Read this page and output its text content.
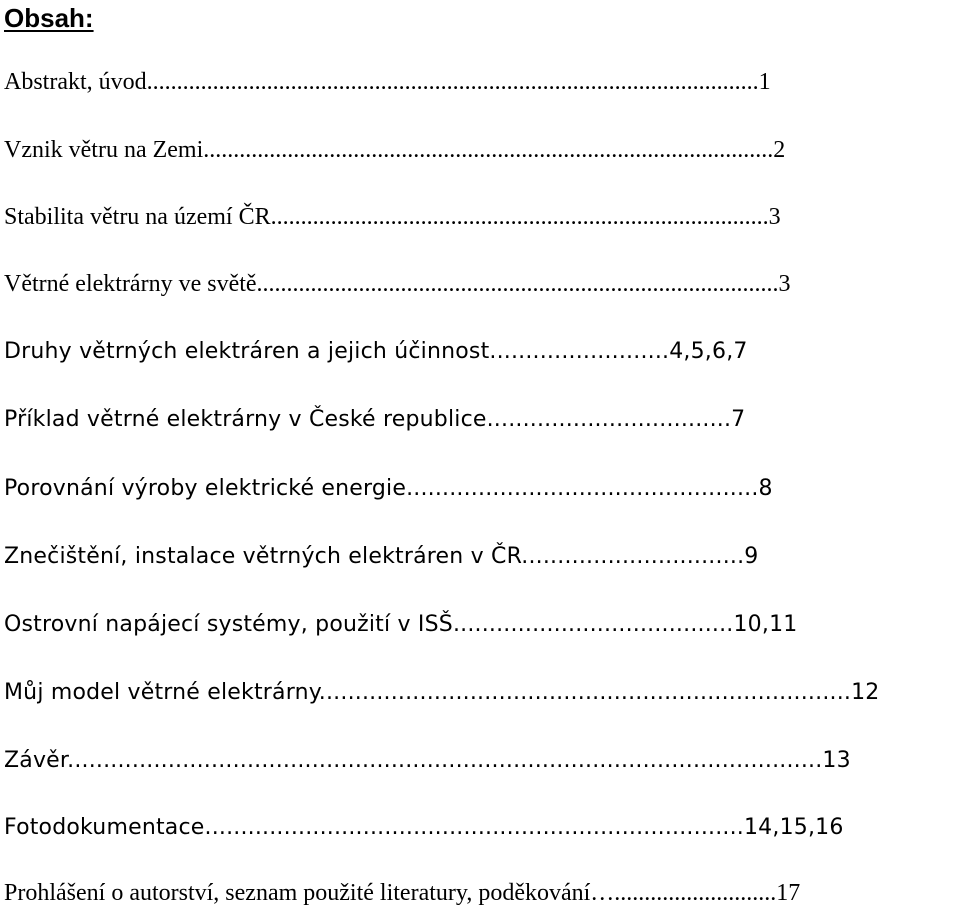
Obsah:
Abstrakt, úvod......................................................................................................1
Vznik větru na Zemi...............................................................................................2
Stabilita větru na území ČR...................................................................................3
Větrné elektrárny ve světě.......................................................................................3
Druhy větrných elektráren a jejich účinnost.........................4,5,6,7
Příklad větrné elektrárny v České republice..................................7
Porovnání výroby elektrické energie.................................................8
Znečištění, instalace větrných elektráren v ČR...............................9
Ostrovní napájecí systémy, použití v ISŠ.......................................10,11
Můj model větrné elektrárny..........................................................................12
Závěr.........................................................................................................13
Fotodokumentace...........................................................................14,15,16
Prohlášení o autorství, seznam použité literatury, poděkování…...........................17
